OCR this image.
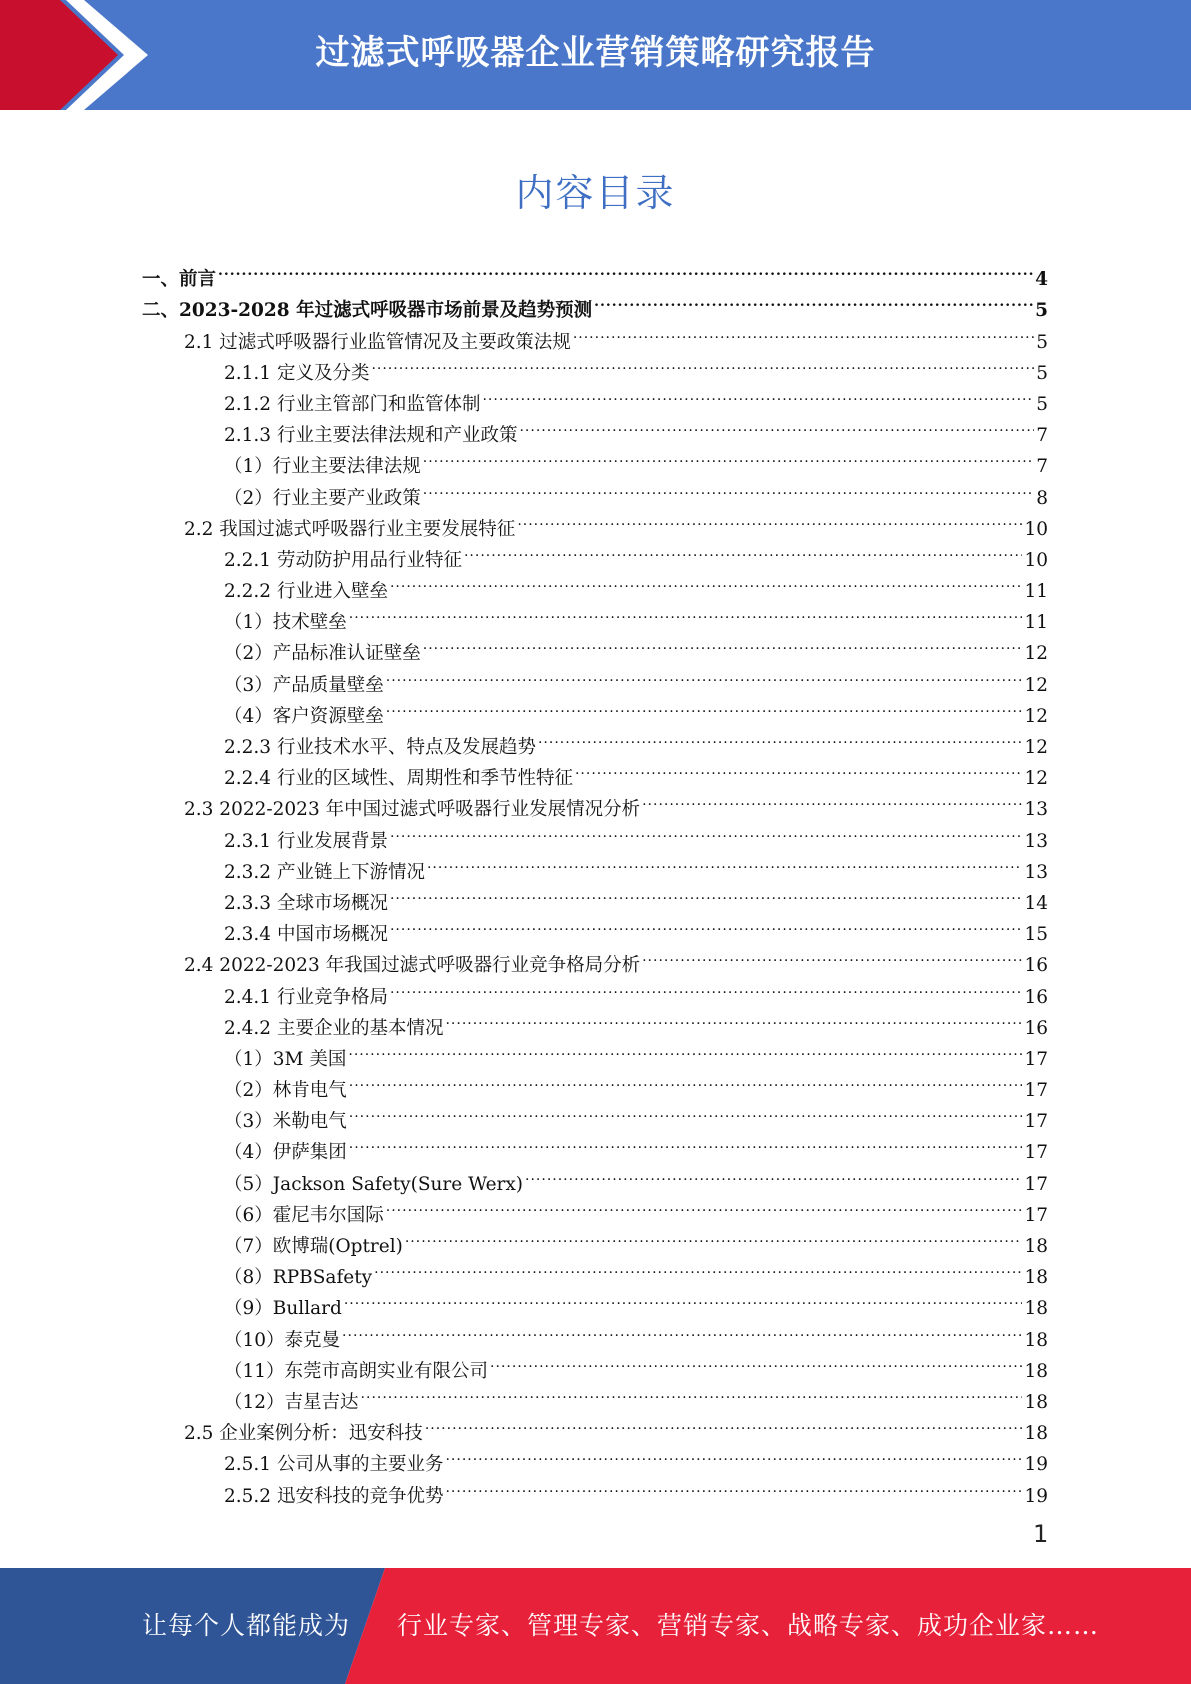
过滤式呼吸器企业营销策略研究报告
内容目录
一、前言 .....	4
二、2023-2028 年过滤式呼吸器市场前景及趋势预测 .....	5
2.1 过滤式呼吸器行业监管情况及主要政策法规 .....	5
2.1.1 定义及分类 .....	5
2.1.2 行业主管部门和监管体制 .....	5
2.1.3 行业主要法律法规和产业政策 .....	7
（1）行业主要法律法规 .....	7
（2）行业主要产业政策 .....	8
2.2 我国过滤式呼吸器行业主要发展特征 .....	10
2.2.1 劳动防护用品行业特征 .....	10
2.2.2 行业进入壁垒 .....	11
（1）技术壁垒 .....	11
（2）产品标准认证壁垒 .....	12
（3）产品质量壁垒 .....	12
（4）客户资源壁垒 .....	12
2.2.3 行业技术水平、特点及发展趋势 .....	12
2.2.4 行业的区域性、周期性和季节性特征 .....	12
2.3 2022-2023 年中国过滤式呼吸器行业发展情况分析 .....	13
2.3.1 行业发展背景 .....	13
2.3.2 产业链上下游情况 .....	13
2.3.3 全球市场概况 .....	14
2.3.4 中国市场概况 .....	15
2.4 2022-2023 年我国过滤式呼吸器行业竞争格局分析 .....	16
2.4.1 行业竞争格局 .....	16
2.4.2 主要企业的基本情况 .....	16
（1）3M 美国 .....	17
（2）林肯电气 .....	17
（3）米勒电气 .....	17
（4）伊萨集团 .....	17
（5）Jackson Safety(Sure Werx) .....	17
（6）霍尼韦尔国际 .....	17
（7）欧博瑞(Optrel) .....	18
（8）RPBSafety .....	18
（9）Bullard .....	18
（10）泰克曼 .....	18
（11）东莞市高朗实业有限公司 .....	18
（12）吉星吉达 .....	18
2.5 企业案例分析：迅安科技 .....	18
2.5.1 公司从事的主要业务 .....	19
2.5.2 迅安科技的竞争优势 .....	19
1
让每个人都能成为 行业专家、管理专家、营销专家、战略专家、成功企业家……
